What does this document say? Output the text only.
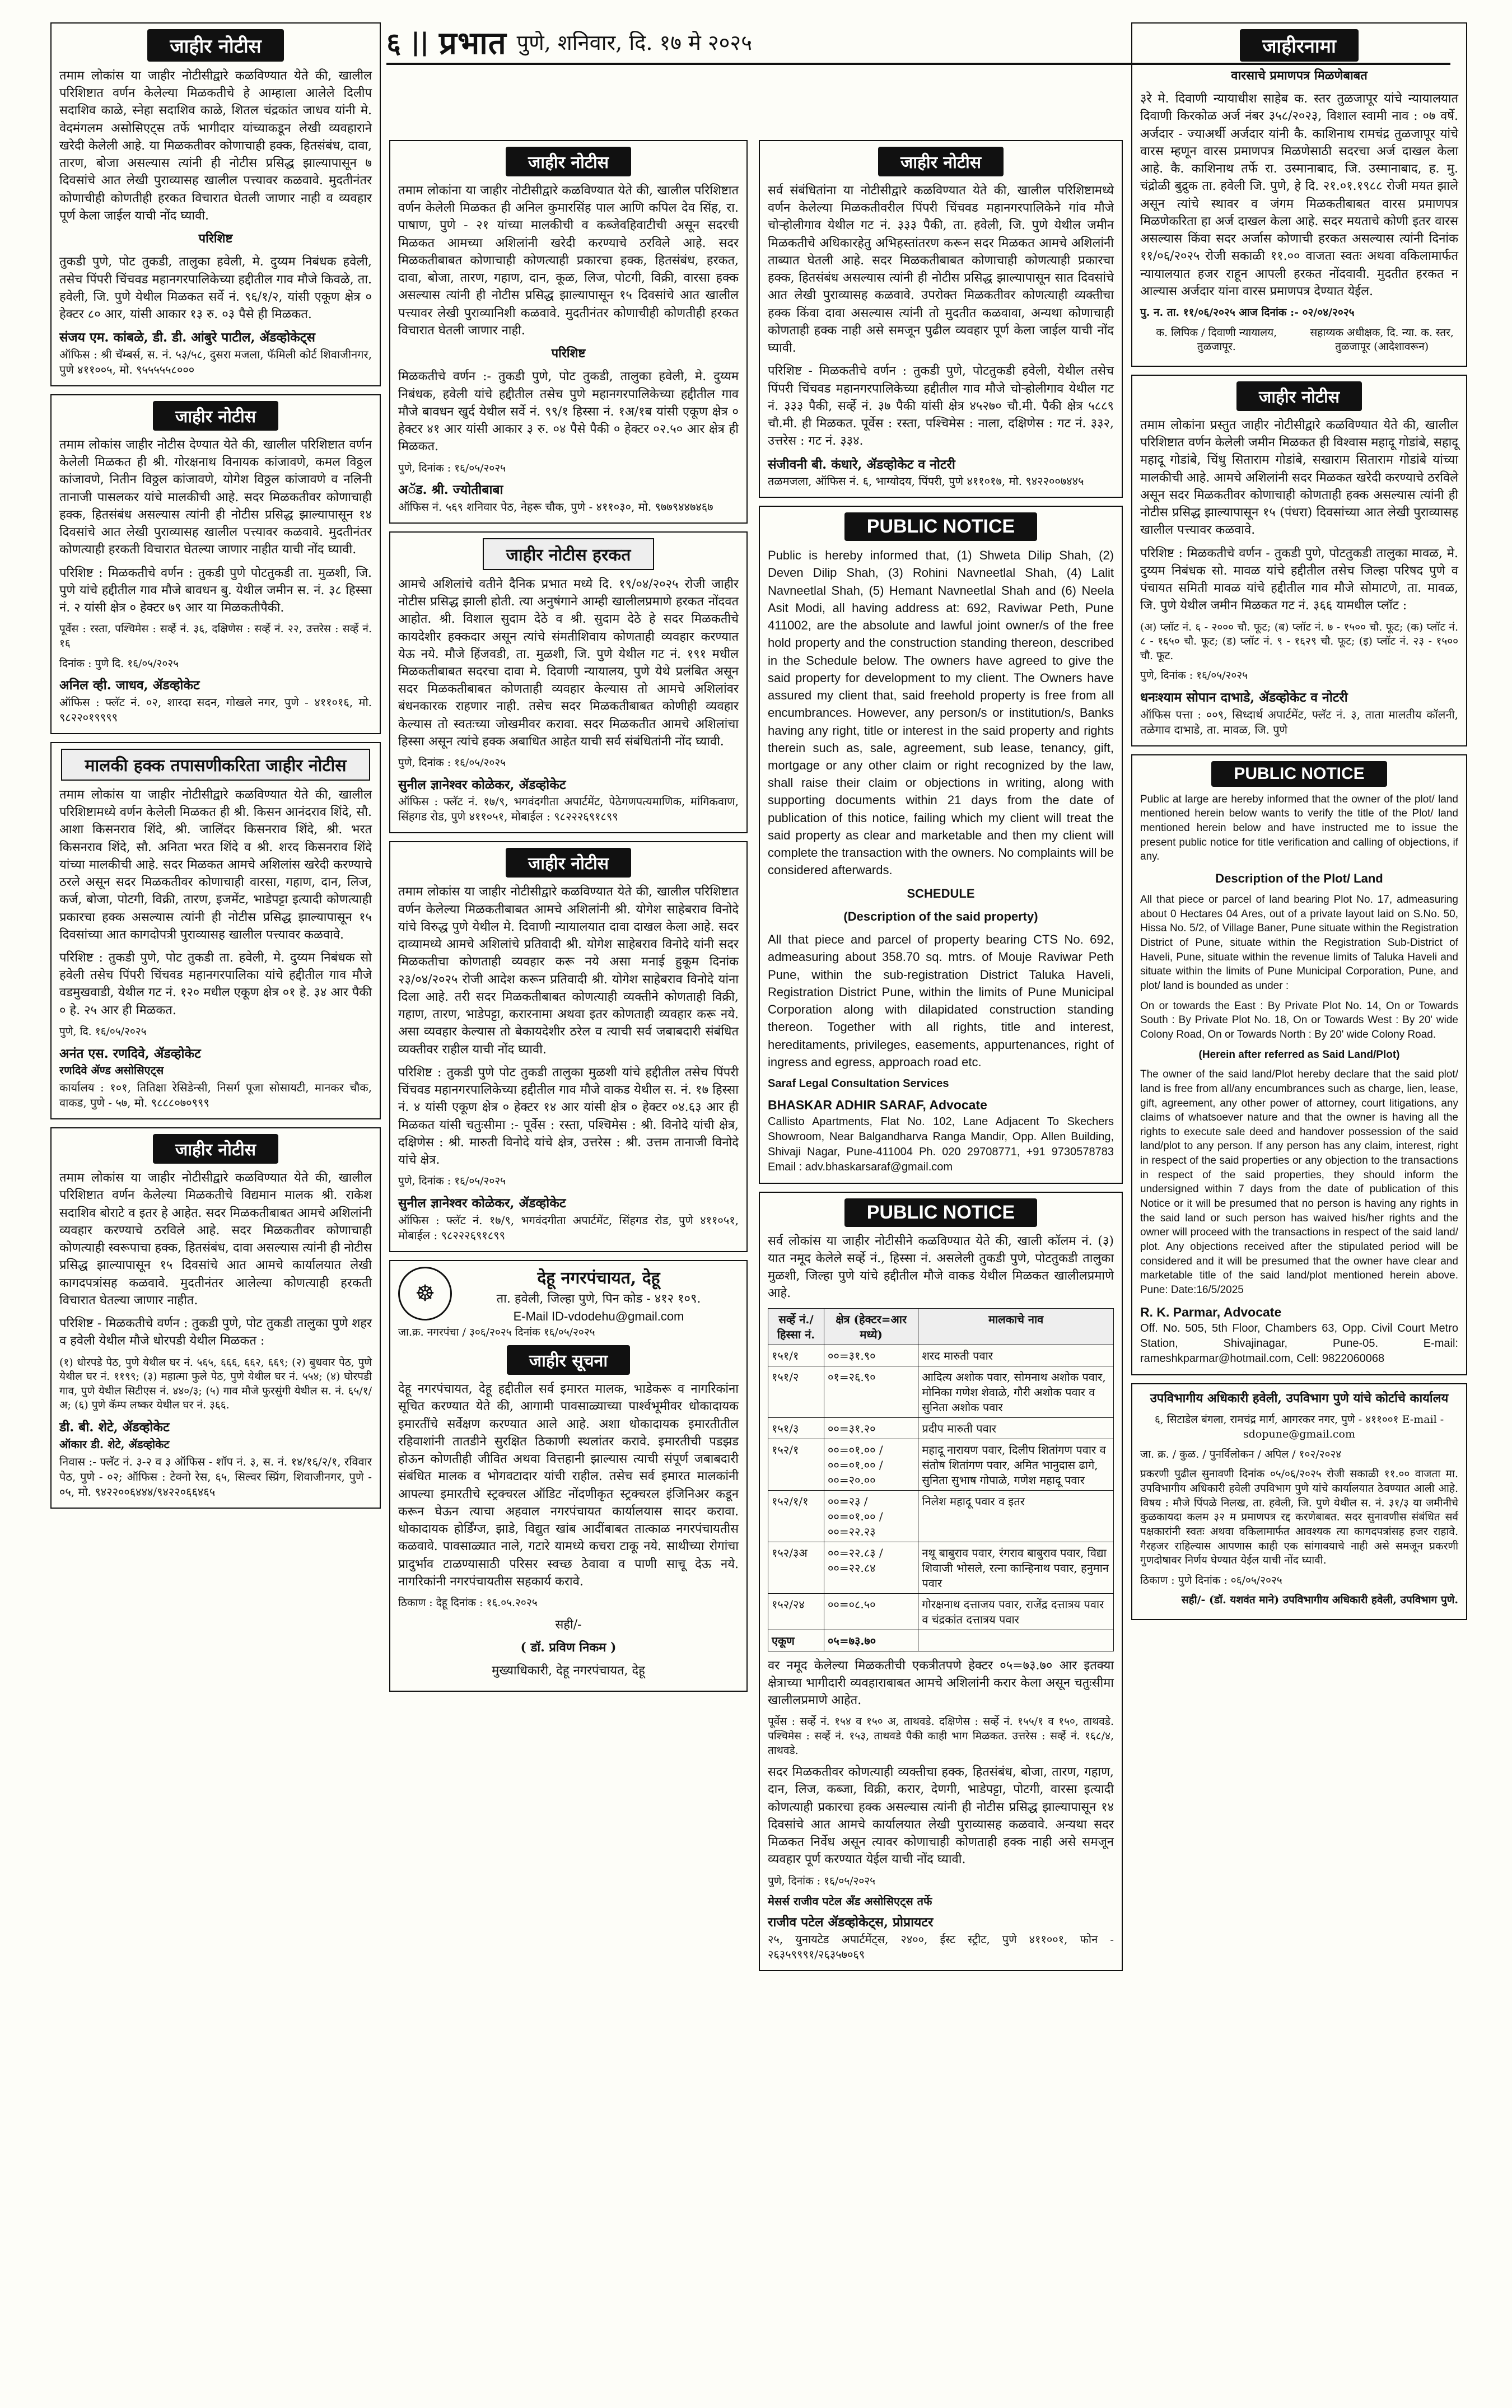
६ || प्रभात पुणे, शनिवार, दि. १७ मे २०२५
जाहीर नोटीस

तमाम लोकांस या जाहीर नोटीसीद्वारे कळविण्यात येते की, खालील परिशिष्टात वर्णन केलेल्या मिळकतीचे हे आम्हाला आलेले दिलीप सदाशिव काळे, स्नेहा सदाशिव काळे, शितल चंद्रकांत जाधव यांनी मे. वेदमंगलम असोसिएट्स तर्फे भागीदार यांच्याकडून लेखी व्यवहाराने खरेदी केलेली आहे. या मिळकतीवर कोणाचाही हक्क, हितसंबंध, दावा, तारण, बोजा असल्यास त्यांनी ही नोटीस प्रसिद्ध झाल्यापासून ७ दिवसांचे आत लेखी पुराव्यासह खालील पत्त्यावर कळवावे. मुदतीनंतर कोणाचीही कोणतीही हरकत विचारात घेतली जाणार नाही व व्यवहार पूर्ण केला जाईल याची नोंद घ्यावी.

परिशिष्ट

तुकडी पुणे, पोट तुकडी, तालुका हवेली, मे. दुय्यम निबंधक हवेली, तसेच पिंपरी चिंचवड महानगरपालिकेच्या हद्दीतील गाव मौजे किवळे, ता. हवेली, जि. पुणे येथील मिळकत सर्वे नं. ९६/१/२, यांसी एकूण क्षेत्र ० हेक्टर ८० आर, यांसी आकार १३ रु. ०३ पैसे ही मिळकत.

संजय एम. कांबळे, डी. डी. आंबुरे पाटील, ॲडव्होकेट्स

ऑफिस : श्री चॅम्बर्स, स. नं. ५३/५८, दुसरा मजला, फॅमिली कोर्ट शिवाजीनगर, पुणे ४११००५, मो. ९५५५५५८०००

जाहीर नोटीस

तमाम लोकांस जाहीर नोटीस देण्यात येते की, खालील परिशिष्टात वर्णन केलेली मिळकत ही श्री. गोरक्षनाथ विनायक कांजावणे, कमल विठ्ठल कांजावणे, नितीन विठ्ठल कांजावणे, योगेश विठ्ठल कांजावणे व नलिनी तानाजी पासलकर यांचे मालकीची आहे. सदर मिळकतीवर कोणाचाही हक्क, हितसंबंध असल्यास त्यांनी ही नोटीस प्रसिद्ध झाल्यापासून १४ दिवसांचे आत लेखी पुराव्यासह खालील पत्त्यावर कळवावे. मुदतीनंतर कोणत्याही हरकती विचारात घेतल्या जाणार नाहीत याची नोंद घ्यावी.

परिशिष्ट : मिळकतीचे वर्णन : तुकडी पुणे पोटतुकडी ता. मुळशी, जि. पुणे यांचे हद्दीतील गाव मौजे बावधन बु. येथील जमीन स. नं. ३८ हिस्सा नं. २ यांसी क्षेत्र ० हेक्टर ७९ आर या मिळकतीपैकी.

पूर्वेस : रस्ता, पश्चिमेस : सर्व्हे नं. ३६, दक्षिणेस : सर्व्हे नं. २२, उत्तरेस : सर्व्हे नं. १६

दिनांक : पुणे दि. १६/०५/२०२५

अनिल व्ही. जाधव, ॲडव्होकेट

ऑफिस : फ्लॅट नं. ०२, शारदा सदन, गोखले नगर, पुणे - ४११०१६, मो. ९८२२०१९९९९

मालकी हक्क तपासणीकरिता जाहीर नोटीस

तमाम लोकांस या जाहीर नोटीसीद्वारे कळविण्यात येते की, खालील परिशिष्टामध्ये वर्णन केलेली मिळकत ही श्री. किसन आनंदराव शिंदे, सौ. आशा किसनराव शिंदे, श्री. जालिंदर किसनराव शिंदे, श्री. भरत किसनराव शिंदे, सौ. अनिता भरत शिंदे व श्री. शरद किसनराव शिंदे यांच्या मालकीची आहे. सदर मिळकत आमचे अशिलांस खरेदी करण्याचे ठरले असून सदर मिळकतीवर कोणाचाही वारसा, गहाण, दान, लिज, कर्ज, बोजा, पोटगी, विक्री, तारण, इजमेंट, भाडेपट्टा इत्यादी कोणत्याही प्रकारचा हक्क असल्यास त्यांनी ही नोटीस प्रसिद्ध झाल्यापासून १५ दिवसांच्या आत कागदोपत्री पुराव्यासह खालील पत्त्यावर कळवावे.

परिशिष्ट : तुकडी पुणे, पोट तुकडी ता. हवेली, मे. दुय्यम निबंधक सो हवेली तसेच पिंपरी चिंचवड महानगरपालिका यांचे हद्दीतील गाव मौजे वडमुखवाडी, येथील गट नं. १२० मधील एकूण क्षेत्र ०१ हे. ३४ आर पैकी ० हे. २५ आर ही मिळकत.

पुणे, दि. १६/०५/२०२५

अनंत एस. रणदिवे, ॲडव्होकेट

रणदिवे ॲण्ड असोसिएट्स

कार्यालय : १०१, तितिक्षा रेसिडेन्सी, निसर्ग पूजा सोसायटी, मानकर चौक, वाकड, पुणे - ५७, मो. ९८८८०७०९९९

जाहीर नोटीस

तमाम लोकांस या जाहीर नोटीसीद्वारे कळविण्यात येते की, खालील परिशिष्टात वर्णन केलेल्या मिळकतीचे विद्यमान मालक श्री. राकेश सदाशिव बोराटे व इतर हे आहेत. सदर मिळकतीबाबत आमचे अशिलांनी व्यवहार करण्याचे ठरविले आहे. सदर मिळकतीवर कोणाचाही कोणत्याही स्वरूपाचा हक्क, हितसंबंध, दावा असल्यास त्यांनी ही नोटीस प्रसिद्ध झाल्यापासून १५ दिवसांचे आत आमचे कार्यालयात लेखी कागदपत्रांसह कळवावे. मुदतीनंतर आलेल्या कोणत्याही हरकती विचारात घेतल्या जाणार नाहीत.

परिशिष्ट - मिळकतीचे वर्णन : तुकडी पुणे, पोट तुकडी तालुका पुणे शहर व हवेली येथील मौजे धोरपडी येथील मिळकत :

(१) धोरपडे पेठ, पुणे येथील घर नं. ५६५, ६६६, ६६२, ६६९; (२) बुधवार पेठ, पुणे येथील घर नं. ११९९; (३) महात्मा फुले पेठ, पुणे येथील घर नं. ५५४; (४) घोरपडी गाव, पुणे येथील सिटीएस नं. ४४०/३; (५) गाव मौजे फुरसुंगी येथील स. नं. ६५/१/अ; (६) पुणे कॅम्प लष्कर येथील घर नं. ३६६.

डी. बी. शेटे, ॲडव्होकेट

ऑकार डी. शेटे, ॲडव्होकेट

निवास :- फ्लॅट नं. ३-२ व ३ ऑफिस - शॉप नं. ३, स. नं. १४/१६/२/१, रविवार पेठ, पुणे - ०२; ऑफिस : टेक्नो रेस, ६५, सिल्वर स्प्रिंग, शिवाजीनगर, पुणे - ०५, मो. ९४२२००६४४४/९४२२०६६४६५

जाहीर नोटीस

तमाम लोकांना या जाहीर नोटीसीद्वारे कळविण्यात येते की, खालील परिशिष्टात वर्णन केलेली मिळकत ही अनिल कुमारसिंह पाल आणि कपिल देव सिंह, रा. पाषाण, पुणे - २१ यांच्या मालकीची व कब्जेवहिवाटीची असून सदरची मिळकत आमच्या अशिलांनी खरेदी करण्याचे ठरविले आहे. सदर मिळकतीबाबत कोणाचाही कोणत्याही प्रकारचा हक्क, हितसंबंध, हरकत, दावा, बोजा, तारण, गहाण, दान, कूळ, लिज, पोटगी, विक्री, वारसा हक्क असल्यास त्यांनी ही नोटीस प्रसिद्ध झाल्यापासून १५ दिवसांचे आत खालील पत्त्यावर लेखी पुराव्यानिशी कळवावे. मुदतीनंतर कोणाचीही कोणतीही हरकत विचारात घेतली जाणार नाही.

परिशिष्ट

मिळकतीचे वर्णन :- तुकडी पुणे, पोट तुकडी, तालुका हवेली, मे. दुय्यम निबंधक, हवेली यांचे हद्दीतील तसेच पुणे महानगरपालिकेच्या हद्दीतील गाव मौजे बावधन खुर्द येथील सर्वे नं. ९९/१ हिस्सा नं. १अ/१ब यांसी एकूण क्षेत्र ० हेक्टर ४१ आर यांसी आकार ३ रु. ०४ पैसे पैकी ० हेक्टर ०२.५० आर क्षेत्र ही मिळकत.

पुणे, दिनांक : १६/०५/२०२५

अॅड. श्री. ज्योतीबाबा

ऑफिस नं. ५६९ शनिवार पेठ, नेहरू चौक, पुणे - ४११०३०, मो. ९७७९४४७४६७

जाहीर नोटीस हरकत

आमचे अशिलांचे वतीने दैनिक प्रभात मध्ये दि. १९/०४/२०२५ रोजी जाहीर नोटीस प्रसिद्ध झाली होती. त्या अनुषंगाने आम्ही खालीलप्रमाणे हरकत नोंदवत आहोत. श्री. विशाल सुदाम देठे व श्री. सुदाम देठे हे सदर मिळकतीचे कायदेशीर हक्कदार असून त्यांचे संमतीशिवाय कोणताही व्यवहार करण्यात येऊ नये. मौजे हिंजवडी, ता. मुळशी, जि. पुणे येथील गट नं. १९१ मधील मिळकतीबाबत सदरचा दावा मे. दिवाणी न्यायालय, पुणे येथे प्रलंबित असून सदर मिळकतीबाबत कोणताही व्यवहार केल्यास तो आमचे अशिलांवर बंधनकारक राहणार नाही. तसेच सदर मिळकतीबाबत कोणीही व्यवहार केल्यास तो स्वतःच्या जोखमीवर करावा. सदर मिळकतीत आमचे अशिलांचा हिस्सा असून त्यांचे हक्क अबाधित आहेत याची सर्व संबंधितांनी नोंद घ्यावी.

पुणे, दिनांक : १६/०५/२०२५

सुनील ज्ञानेश्वर कोळेकर, ॲडव्होकेट

ऑफिस : फ्लॅट नं. १७/९, भगवंदगीता अपार्टमेंट, पेठेगणपत्यमाणिक, मांगिकवाण, सिंहगड रोड, पुणे ४११०५१, मोबाईल : ९८२२२६९१८९९

जाहीर नोटीस

तमाम लोकांस या जाहीर नोटीसीद्वारे कळविण्यात येते की, खालील परिशिष्टात वर्णन केलेल्या मिळकतीबाबत आमचे अशिलांनी श्री. योगेश साहेबराव विनोदे यांचे विरुद्ध पुणे येथील मे. दिवाणी न्यायालयात दावा दाखल केला आहे. सदर दाव्यामध्ये आमचे अशिलांचे प्रतिवादी श्री. योगेश साहेबराव विनोदे यांनी सदर मिळकतीचा कोणताही व्यवहार करू नये असा मनाई हुकूम दिनांक २३/०४/२०२५ रोजी आदेश करून प्रतिवादी श्री. योगेश साहेबराव विनोदे यांना दिला आहे. तरी सदर मिळकतीबाबत कोणत्याही व्यक्तीने कोणताही विक्री, गहाण, तारण, भाडेपट्टा, करारनामा अथवा इतर कोणताही व्यवहार करू नये. असा व्यवहार केल्यास तो बेकायदेशीर ठरेल व त्याची सर्व जबाबदारी संबंधित व्यक्तीवर राहील याची नोंद घ्यावी.

परिशिष्ट : तुकडी पुणे पोट तुकडी तालुका मुळशी यांचे हद्दीतील तसेच पिंपरी चिंचवड महानगरपालिकेच्या हद्दीतील गाव मौजे वाकड येथील स. नं. १७ हिस्सा नं. ४ यांसी एकूण क्षेत्र ० हेक्टर १४ आर यांसी क्षेत्र ० हेक्टर ०४.६३ आर ही मिळकत यांसी चतुःसीमा :- पूर्वेस : रस्ता, पश्चिमेस : श्री. विनोदे यांची क्षेत्र, दक्षिणेस : श्री. मारुती विनोदे यांचे क्षेत्र, उत्तरेस : श्री. उत्तम तानाजी विनोदे यांचे क्षेत्र.

पुणे, दिनांक : १६/०५/२०२५

सुनील ज्ञानेश्वर कोळेकर, ॲडव्होकेट

ऑफिस : फ्लॅट नं. १७/९, भगवंदगीता अपार्टमेंट, सिंहगड रोड, पुणे ४११०५१, मोबाईल : ९८२२२६९१८९९

☸

देहू नगरपंचायत, देहू

ता. हवेली, जिल्हा पुणे, पिन कोड - ४१२ १०९.

E-Mail ID-vdodehu@gmail.com

जा.क्र. नगरपंचा / ३०६/२०२५ दिनांक १६/०५/२०२५

जाहीर सूचना

देहू नगरपंचायत, देहू हद्दीतील सर्व इमारत मालक, भाडेकरू व नागरिकांना सूचित करण्यात येते की, आगामी पावसाळ्याच्या पार्श्वभूमीवर धोकादायक इमारतींचे सर्वेक्षण करण्यात आले आहे. अशा धोकादायक इमारतीतील रहिवाशांनी तातडीने सुरक्षित ठिकाणी स्थलांतर करावे. इमारतीची पडझड होऊन कोणतीही जीवित अथवा वित्तहानी झाल्यास त्याची संपूर्ण जबाबदारी संबंधित मालक व भोगवटादार यांची राहील. तसेच सर्व इमारत मालकांनी आपल्या इमारतीचे स्ट्रक्चरल ऑडिट नोंदणीकृत स्ट्रक्चरल इंजिनिअर कडून करून घेऊन त्याचा अहवाल नगरपंचायत कार्यालयास सादर करावा. धोकादायक होर्डिंग्ज, झाडे, विद्युत खांब आदींबाबत तात्काळ नगरपंचायतीस कळवावे. पावसाळ्यात नाले, गटारे यामध्ये कचरा टाकू नये. साथीच्या रोगांचा प्रादुर्भाव टाळण्यासाठी परिसर स्वच्छ ठेवावा व पाणी साचू देऊ नये. नागरिकांनी नगरपंचायतीस सहकार्य करावे.

ठिकाण : देहू दिनांक : १६.०५.२०२५

सही/-

( डॉ. प्रविण निकम )

मुख्याधिकारी, देहू नगरपंचायत, देहू

जाहीर नोटीस

सर्व संबंधितांना या नोटीसीद्वारे कळविण्यात येते की, खालील परिशिष्टामध्ये वर्णन केलेल्या मिळकतीवरील पिंपरी चिंचवड महानगरपालिकेने गांव मौजे चोऱ्होलीगाव येथील गट नं. ३३३ पैकी, ता. हवेली, जि. पुणे येथील जमीन मिळकतीचे अधिकारहेतु अभिहस्तांतरण करून सदर मिळकत आमचे अशिलांनी ताब्यात घेतली आहे. सदर मिळकतीबाबत कोणाचाही कोणत्याही प्रकारचा हक्क, हितसंबंध असल्यास त्यांनी ही नोटीस प्रसिद्ध झाल्यापासून सात दिवसांचे आत लेखी पुराव्यासह कळवावे. उपरोक्त मिळकतीवर कोणत्याही व्यक्तीचा हक्क किंवा दावा असल्यास त्यांनी तो मुदतीत कळवावा, अन्यथा कोणाचाही कोणताही हक्क नाही असे समजून पुढील व्यवहार पूर्ण केला जाईल याची नोंद घ्यावी.

परिशिष्ट - मिळकतीचे वर्णन : तुकडी पुणे, पोटतुकडी हवेली, येथील तसेच पिंपरी चिंचवड महानगरपालिकेच्या हद्दीतील गाव मौजे चोऱ्होलीगाव येथील गट नं. ३३३ पैकी, सर्व्हे नं. ३७ पैकी यांसी क्षेत्र ४५२७० चौ.मी. पैकी क्षेत्र ५८८९ चौ.मी. ही मिळकत. पूर्वेस : रस्ता, पश्चिमेस : नाला, दक्षिणेस : गट नं. ३३२, उत्तरेस : गट नं. ३३४.

संजीवनी बी. कंधारे, ॲडव्होकेट व नोटरी

तळमजला, ऑफिस नं. ६, भाग्योदय, पिंपरी, पुणे ४११०१७, मो. ९४२२००७४४५

PUBLIC NOTICE

Public is hereby informed that, (1) Shweta Dilip Shah, (2) Deven Dilip Shah, (3) Rohini Navneetlal Shah, (4) Lalit Navneetlal Shah, (5) Hemant Navneetlal Shah and (6) Neela Asit Modi, all having address at: 692, Raviwar Peth, Pune 411002, are the absolute and lawful joint owner/s of the free hold property and the construction standing thereon, described in the Schedule below. The owners have agreed to give the said property for development to my client. The Owners have assured my client that, said freehold property is free from all encumbrances. However, any person/s or institution/s, Banks having any right, title or interest in the said property and rights therein such as, sale, agreement, sub lease, tenancy, gift, mortgage or any other claim or right recognized by the law, shall raise their claim or objections in writing, along with supporting documents within 21 days from the date of publication of this notice, failing which my client will treat the said property as clear and marketable and then my client will complete the transaction with the owners. No complaints will be considered afterwards.

SCHEDULE

(Description of the said property)

All that piece and parcel of property bearing CTS No. 692, admeasuring about 358.70 sq. mtrs. of Mouje Raviwar Peth Pune, within the sub-registration District Taluka Haveli, Registration District Pune, within the limits of Pune Municipal Corporation along with dilapidated construction standing thereon. Together with all rights, title and interest, hereditaments, privileges, easements, appurtenances, right of ingress and egress, approach road etc.

Saraf Legal Consultation Services

BHASKAR ADHIR SARAF, Advocate

Callisto Apartments, Flat No. 102, Lane Adjacent To Skechers Showroom, Near Balgandharva Ranga Mandir, Opp. Allen Building, Shivaji Nagar, Pune-411004 Ph. 020 29708771, +91 9730578783 Email : adv.bhaskarsaraf@gmail.com

PUBLIC NOTICE

सर्व लोकांस या जाहीर नोटीसीने कळविण्यात येते की, खाली कॉलम नं. (३) यात नमूद केलेले सर्व्हे नं., हिस्सा नं. असलेली तुकडी पुणे, पोटतुकडी तालुका मुळशी, जिल्हा पुणे यांचे हद्दीतील मौजे वाकड येथील मिळकत खालीलप्रमाणे आहे.

सर्व्हे नं./ हिस्सा नं.	क्षेत्र (हेक्टर=आर मध्ये)	मालकाचे नाव
१५१/१	००=३१.९०	शरद मारुती पवार
१५१/२	०१=२६.९०	आदित्य अशोक पवार, सोमनाथ अशोक पवार, मोनिका गणेश शेवाळे, गौरी अशोक पवार व सुनिता अशोक पवार
१५१/३	००=३१.२०	प्रदीप मारुती पवार
१५२/१	००=०१.०० / ००=०१.०० / ००=२०.००	महादू नारायण पवार, दिलीप शितांगण पवार व संतोष शितांगण पवार, अमित भानुदास ढागे, सुनिता सुभाष गोपाळे, गणेश महादू पवार
१५२/१/१	००=२३ / ००=०१.०० / ००=२२.२३	निलेश महादू पवार व इतर
१५२/३अ	००=२२.८३ / ००=२२.८४	नथू बाबुराव पवार, रंगराव बाबुराव पवार, विद्या शिवाजी भोसले, रत्ना कान्हिनाथ पवार, हनुमान पवार
१५२/२४	००=०८.५०	गोरक्षनाथ दत्ताजय पवार, राजेंद्र दत्तात्रय पवार व चंद्रकांत दत्तात्रय पवार
एकूण	०५=७३.७०	

वर नमूद केलेल्या मिळकतीची एकत्रीतपणे हेक्टर ०५=७३.७० आर इतक्या क्षेत्राच्या भागीदारी व्यवहाराबाबत आमचे अशिलांनी करार केला असून चतुःसीमा खालीलप्रमाणे आहेत.

पूर्वेस : सर्व्हे नं. १५४ व १५० अ, ताथवडे. दक्षिणेस : सर्व्हे नं. १५५/१ व १५०, ताथवडे. पश्चिमेस : सर्व्हे नं. १५३, ताथवडे पैकी काही भाग मिळकत. उत्तरेस : सर्व्हे नं. १६८/४, ताथवडे.

सदर मिळकतीवर कोणत्याही व्यक्तीचा हक्क, हितसंबंध, बोजा, तारण, गहाण, दान, लिज, कब्जा, विक्री, करार, देणगी, भाडेपट्टा, पोटगी, वारसा इत्यादी कोणत्याही प्रकारचा हक्क असल्यास त्यांनी ही नोटीस प्रसिद्ध झाल्यापासून १४ दिवसांचे आत आमचे कार्यालयात लेखी पुराव्यासह कळवावे. अन्यथा सदर मिळकत निर्वेध असून त्यावर कोणाचाही कोणताही हक्क नाही असे समजून व्यवहार पूर्ण करण्यात येईल याची नोंद घ्यावी.

पुणे, दिनांक : १६/०५/२०२५

मेसर्स राजीव पटेल ॲंड असोसिएट्स तर्फे

राजीव पटेल ॲडव्होकेट्स, प्रोप्रायटर

२५, युनायटेड अपार्टमेंट्स, २४००, ईस्ट स्ट्रीट, पुणे ४११००१, फोन - २६३५९९९१/२६३५७०६९

जाहीरनामा

वारसाचे प्रमाणपत्र मिळणेबाबत

३रे मे. दिवाणी न्यायाधीश साहेब क. स्तर तुळजापूर यांचे न्यायालयात दिवाणी किरकोळ अर्ज नंबर ३५८/२०२३, विशाल स्वामी नाव : ०७ वर्षे. अर्जदार - ज्याअर्थी अर्जदार यांनी कै. काशिनाथ रामचंद्र तुळजापूर यांचे वारस म्हणून वारस प्रमाणपत्र मिळणेसाठी सदरचा अर्ज दाखल केला आहे. कै. काशिनाथ तर्फे रा. उस्मानाबाद, जि. उस्मानाबाद, ह. मु. चंद्रोळी बुद्रुक ता. हवेली जि. पुणे, हे दि. २१.०१.१९८८ रोजी मयत झाले असून त्यांचे स्थावर व जंगम मिळकतीबाबत वारस प्रमाणपत्र मिळणेकरिता हा अर्ज दाखल केला आहे. सदर मयताचे कोणी इतर वारस असल्यास किंवा सदर अर्जास कोणाची हरकत असल्यास त्यांनी दिनांक ११/०६/२०२५ रोजी सकाळी ११.०० वाजता स्वतः अथवा वकिलामार्फत न्यायालयात हजर राहून आपली हरकत नोंदवावी. मुदतीत हरकत न आल्यास अर्जदार यांना वारस प्रमाणपत्र देण्यात येईल.

पु. न. ता. ११/०६/२०२५ आज दिनांक :- ०२/०४/२०२५

क. लिपिक / दिवाणी न्यायालय, तुळजापूर.

सहाय्यक अधीक्षक, दि. न्या. क. स्तर, तुळजापूर (आदेशावरून)

जाहीर नोटीस

तमाम लोकांना प्रस्तुत जाहीर नोटीसीद्वारे कळविण्यात येते की, खालील परिशिष्टात वर्णन केलेली जमीन मिळकत ही विश्वास महादू गोडांबे, सहादू महादू गोडांबे, चिंधु सिताराम गोडांबे, सखाराम सिताराम गोडांबे यांच्या मालकीची आहे. आमचे अशिलांनी सदर मिळकत खरेदी करण्याचे ठरविले असून सदर मिळकतीवर कोणाचाही कोणताही हक्क असल्यास त्यांनी ही नोटीस प्रसिद्ध झाल्यापासून १५ (पंधरा) दिवसांच्या आत लेखी पुराव्यासह खालील पत्त्यावर कळवावे.

परिशिष्ट : मिळकतीचे वर्णन - तुकडी पुणे, पोटतुकडी तालुका मावळ, मे. दुय्यम निबंधक सो. मावळ यांचे हद्दीतील तसेच जिल्हा परिषद पुणे व पंचायत समिती मावळ यांचे हद्दीतील गाव मौजे सोमाटणे, ता. मावळ, जि. पुणे येथील जमीन मिळकत गट नं. ३६६ यामधील प्लॉट :

(अ) प्लॉट नं. ६ - २००० चौ. फूट; (ब) प्लॉट नं. ७ - १५०० चौ. फूट; (क) प्लॉट नं. ८ - १६५० चौ. फूट; (ड) प्लॉट नं. ९ - १६२९ चौ. फूट; (इ) प्लॉट नं. २३ - १५०० चौ. फूट.

पुणे, दिनांक : १६/०५/२०२५

धनःश्याम सोपान दाभाडे, ॲडव्होकेट व नोटरी

ऑफिस पत्ता : ००९, सिध्दार्थ अपार्टमेंट, फ्लॅट नं. ३, ताता मालतीय कॉलनी, तळेगाव दाभाडे, ता. मावळ, जि. पुणे

PUBLIC NOTICE

Public at large are hereby informed that the owner of the plot/ land mentioned herein below wants to verify the title of the Plot/ land mentioned herein below and have instructed me to issue the present public notice for title verification and calling of objections, if any.

Description of the Plot/ Land

All that piece or parcel of land bearing Plot No. 17, admeasuring about 0 Hectares 04 Ares, out of a private layout laid on S.No. 50, Hissa No. 5/2, of Village Baner, Pune situate within the Registration District of Pune, situate within the Registration Sub-District of Haveli, Pune, situate within the revenue limits of Taluka Haveli and situate within the limits of Pune Municipal Corporation, Pune, and plot/ land is bounded as under :

On or towards the East : By Private Plot No. 14, On or Towards South : By Private Plot No. 18, On or Towards West : By 20' wide Colony Road, On or Towards North : By 20' wide Colony Road.

(Herein after referred as Said Land/Plot)

The owner of the said land/Plot hereby declare that the said plot/ land is free from all/any encumbrances such as charge, lien, lease, gift, agreement, any other power of attorney, court litigations, any claims of whatsoever nature and that the owner is having all the rights to execute sale deed and handover possession of the said land/plot to any person. If any person has any claim, interest, right in respect of the said properties or any objection to the transactions in respect of the said properties, they should inform the undersigned within 7 days from the date of publication of this Notice or it will be presumed that no person is having any rights in the said land or such person has waived his/her rights and the owner will proceed with the transactions in respect of the said land/ plot. Any objections received after the stipulated period will be considered and it will be presumed that the owner have clear and marketable title of the said land/plot mentioned herein above. Pune: Date:16/5/2025

R. K. Parmar, Advocate

Off. No. 505, 5th Floor, Chambers 63, Opp. Civil Court Metro Station, Shivajinagar, Pune-05. E-mail: rameshkparmar@hotmail.com, Cell: 9822060068

उपविभागीय अधिकारी हवेली, उपविभाग पुणे यांचे कोर्टाचे कार्यालय

६, सिटाडेल बंगला, रामचंद्र मार्ग, आगरकर नगर, पुणे - ४११००१ E-mail - sdopune@gmail.com

जा. क्र. / कुळ. / पुनर्विलोकन / अपिल / १०२/२०२४

प्रकरणी पुढील सुनावणी दिनांक ०५/०६/२०२५ रोजी सकाळी ११.०० वाजता मा. उपविभागीय अधिकारी हवेली उपविभाग पुणे यांचे कार्यालयात ठेवण्यात आली आहे. विषय : मौजे पिंपळे निलख, ता. हवेली, जि. पुणे येथील स. नं. ३१/३ या जमीनीचे कुळकायदा कलम ३२ म प्रमाणपत्र रद्द करणेबाबत. सदर सुनावणीस संबंधित सर्व पक्षकारांनी स्वतः अथवा वकिलामार्फत आवश्यक त्या कागदपत्रांसह हजर राहावे. गैरहजर राहिल्यास आपणास काही एक सांगावयाचे नाही असे समजून प्रकरणी गुणदोषावर निर्णय घेण्यात येईल याची नोंद घ्यावी.

ठिकाण : पुणे दिनांक : ०६/०५/२०२५

सही/- (डॉ. यशवंत माने) उपविभागीय अधिकारी हवेली, उपविभाग पुणे.
